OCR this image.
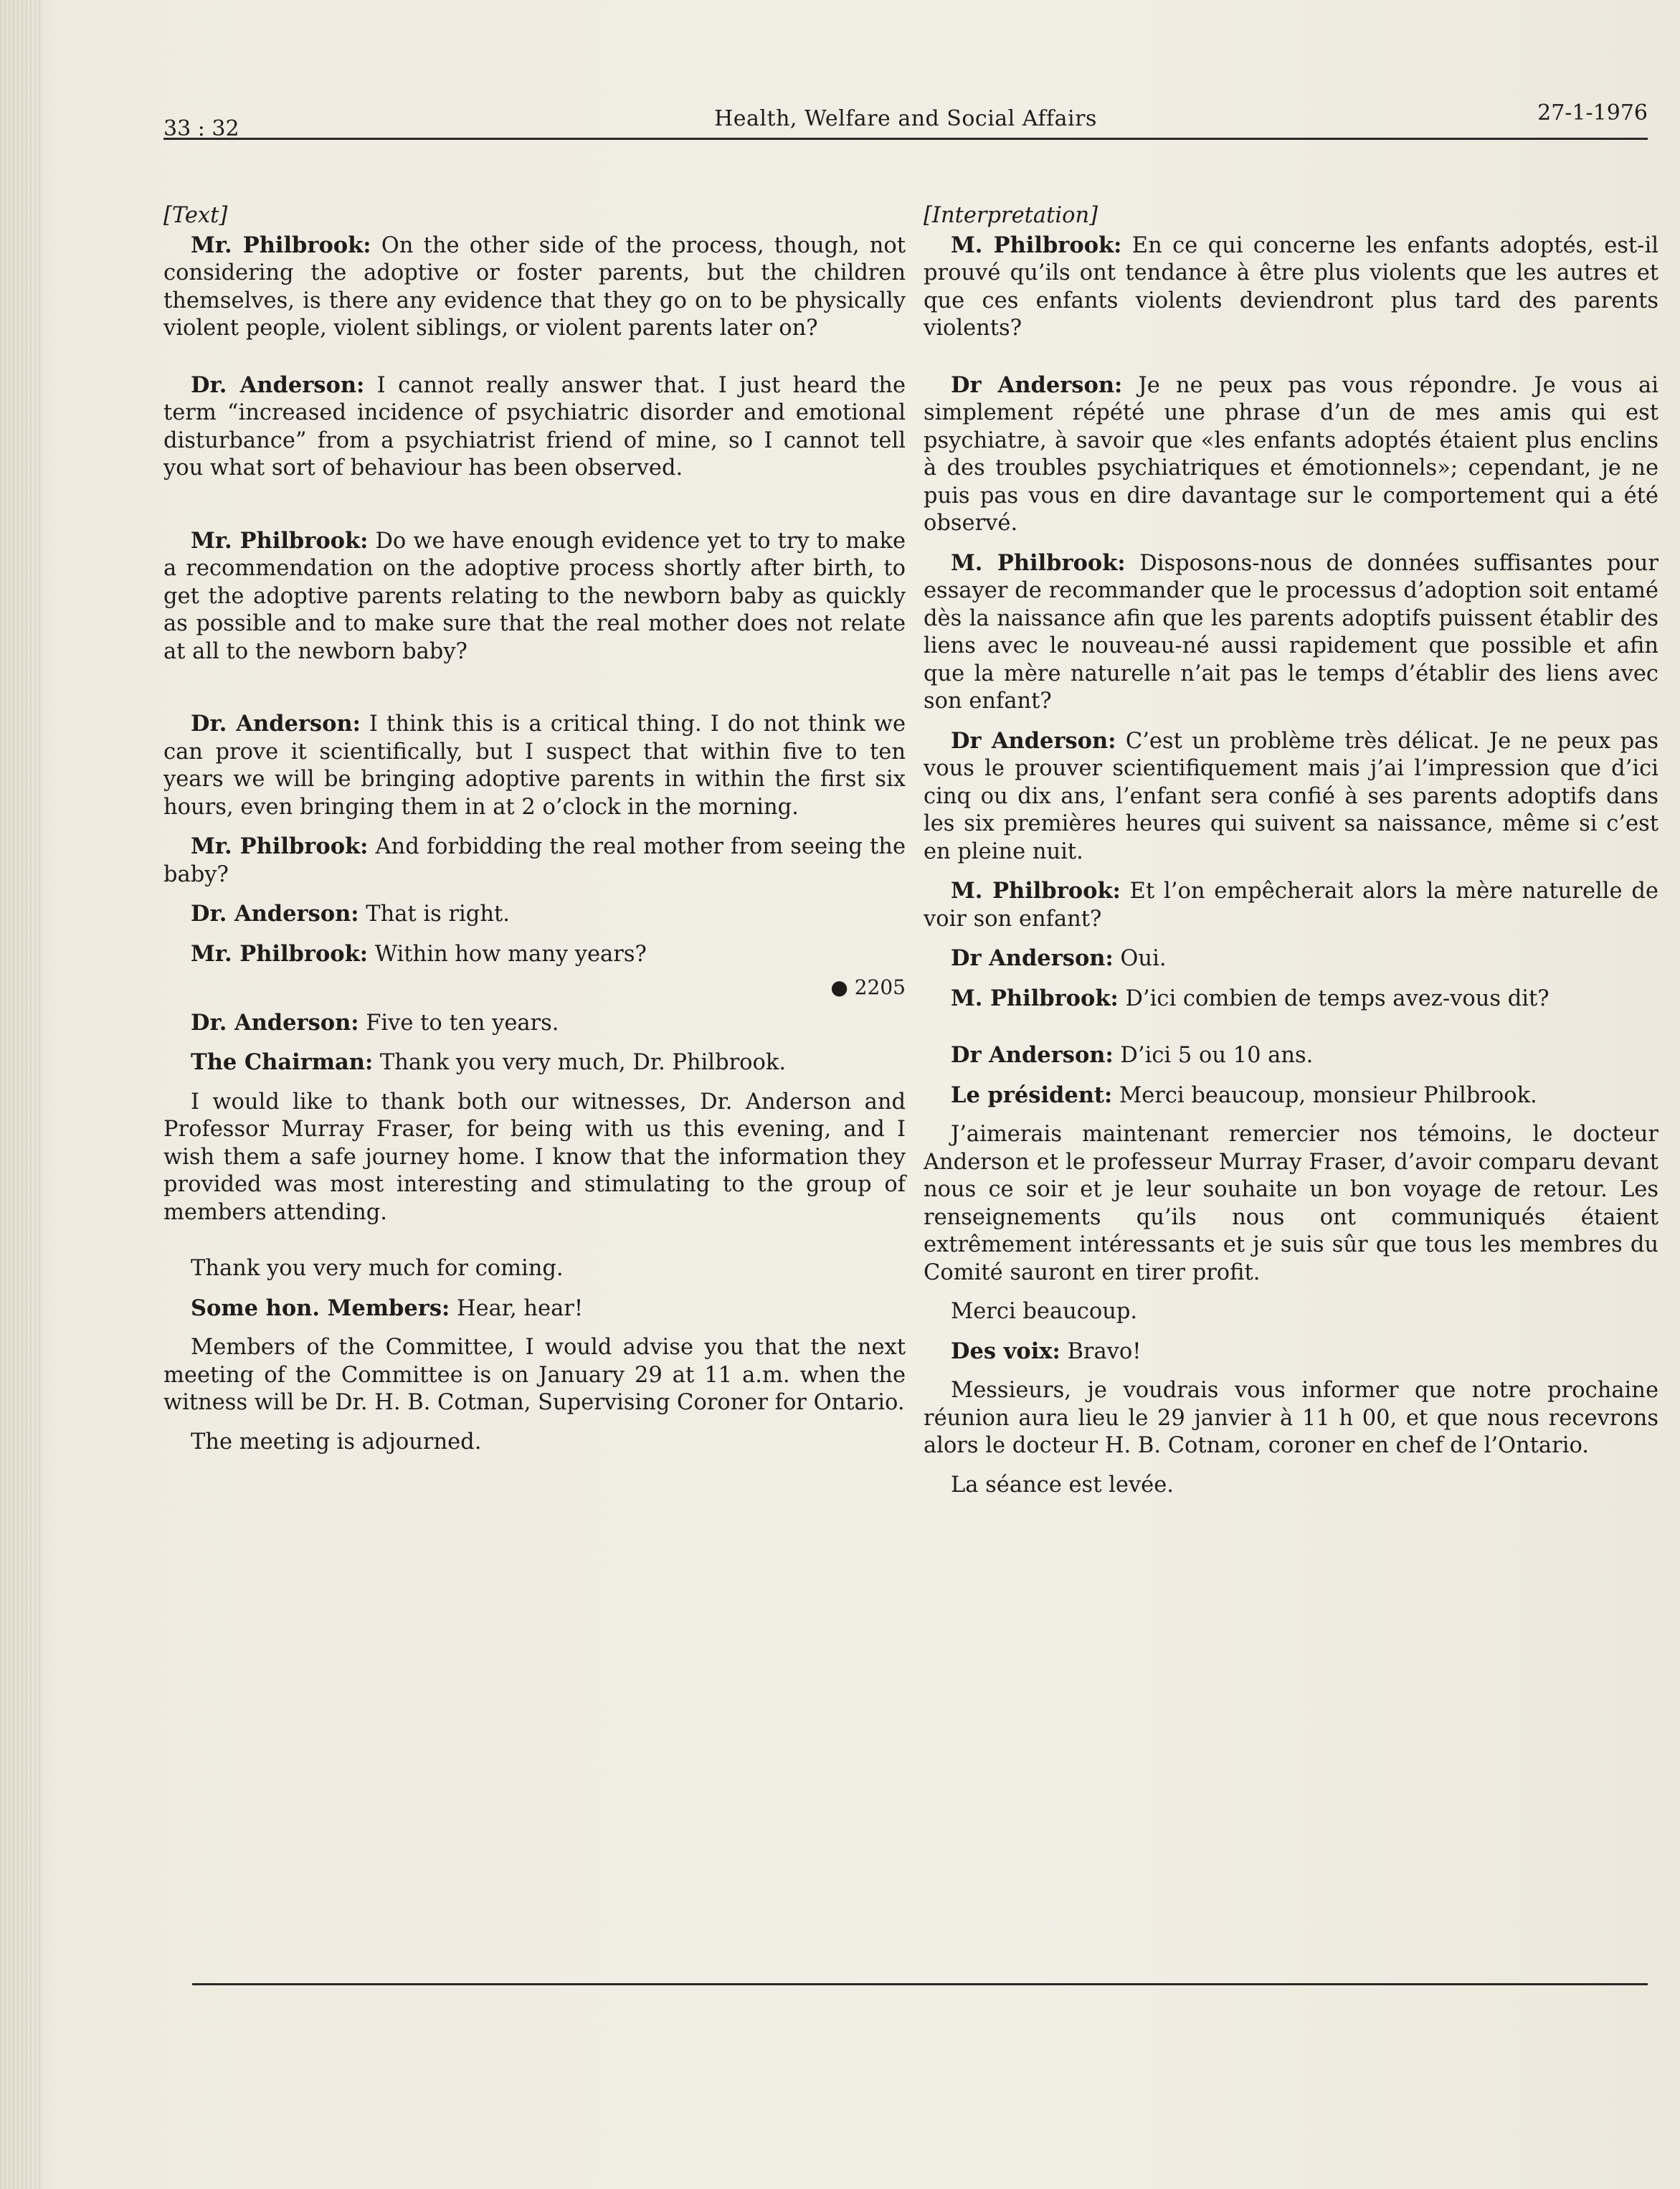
33 : 32	Health, Welfare and Social Affairs	27-1-1976
[Text]

Mr. Philbrook: On the other side of the process, though, not considering the adoptive or foster parents, but the children themselves, is there any evidence that they go on to be physically violent people, violent siblings, or violent parents later on?

Dr. Anderson: I cannot really answer that. I just heard the term “increased incidence of psychiatric disorder and emotional disturbance” from a psychiatrist friend of mine, so I cannot tell you what sort of behaviour has been observed.

Mr. Philbrook: Do we have enough evidence yet to try to make a recommendation on the adoptive process shortly after birth, to get the adoptive parents relating to the newborn baby as quickly as possible and to make sure that the real mother does not relate at all to the newborn baby?

Dr. Anderson: I think this is a critical thing. I do not think we can prove it scientifically, but I suspect that within five to ten years we will be bringing adoptive parents in within the first six hours, even bringing them in at 2 o’clock in the morning.

Mr. Philbrook: And forbidding the real mother from seeing the baby?

Dr. Anderson: That is right.

Mr. Philbrook: Within how many years?

● 2205

Dr. Anderson: Five to ten years.

The Chairman: Thank you very much, Dr. Philbrook.

I would like to thank both our witnesses, Dr. Anderson and Professor Murray Fraser, for being with us this evening, and I wish them a safe journey home. I know that the information they provided was most interesting and stimulating to the group of members attending.

Thank you very much for coming.

Some hon. Members: Hear, hear!

Members of the Committee, I would advise you that the next meeting of the Committee is on January 29 at 11 a.m. when the witness will be Dr. H. B. Cotman, Supervising Coroner for Ontario.

The meeting is adjourned.

[Interpretation]

M. Philbrook: En ce qui concerne les enfants adoptés, est-il prouvé qu’ils ont tendance à être plus violents que les autres et que ces enfants violents deviendront plus tard des parents violents?

Dr Anderson: Je ne peux pas vous répondre. Je vous ai simplement répété une phrase d’un de mes amis qui est psychiatre, à savoir que «les enfants adoptés étaient plus enclins à des troubles psychiatriques et émotionnels»; cependant, je ne puis pas vous en dire davantage sur le comportement qui a été observé.

M. Philbrook: Disposons-nous de données suffisantes pour essayer de recommander que le processus d’adoption soit entamé dès la naissance afin que les parents adoptifs puissent établir des liens avec le nouveau-né aussi rapidement que possible et afin que la mère naturelle n’ait pas le temps d’établir des liens avec son enfant?

Dr Anderson: C’est un problème très délicat. Je ne peux pas vous le prouver scientifiquement mais j’ai l’impression que d’ici cinq ou dix ans, l’enfant sera confié à ses parents adoptifs dans les six premières heures qui suivent sa naissance, même si c’est en pleine nuit.

M. Philbrook: Et l’on empêcherait alors la mère naturelle de voir son enfant?

Dr Anderson: Oui.

M. Philbrook: D’ici combien de temps avez-vous dit?

Dr Anderson: D’ici 5 ou 10 ans.

Le président: Merci beaucoup, monsieur Philbrook.

J’aimerais maintenant remercier nos témoins, le docteur Anderson et le professeur Murray Fraser, d’avoir comparu devant nous ce soir et je leur souhaite un bon voyage de retour. Les renseignements qu’ils nous ont communiqués étaient extrêmement intéressants et je suis sûr que tous les membres du Comité sauront en tirer profit.

Merci beaucoup.

Des voix: Bravo!

Messieurs, je voudrais vous informer que notre prochaine réunion aura lieu le 29 janvier à 11 h 00, et que nous recevrons alors le docteur H. B. Cotnam, coroner en chef de l’Ontario.

La séance est levée.
